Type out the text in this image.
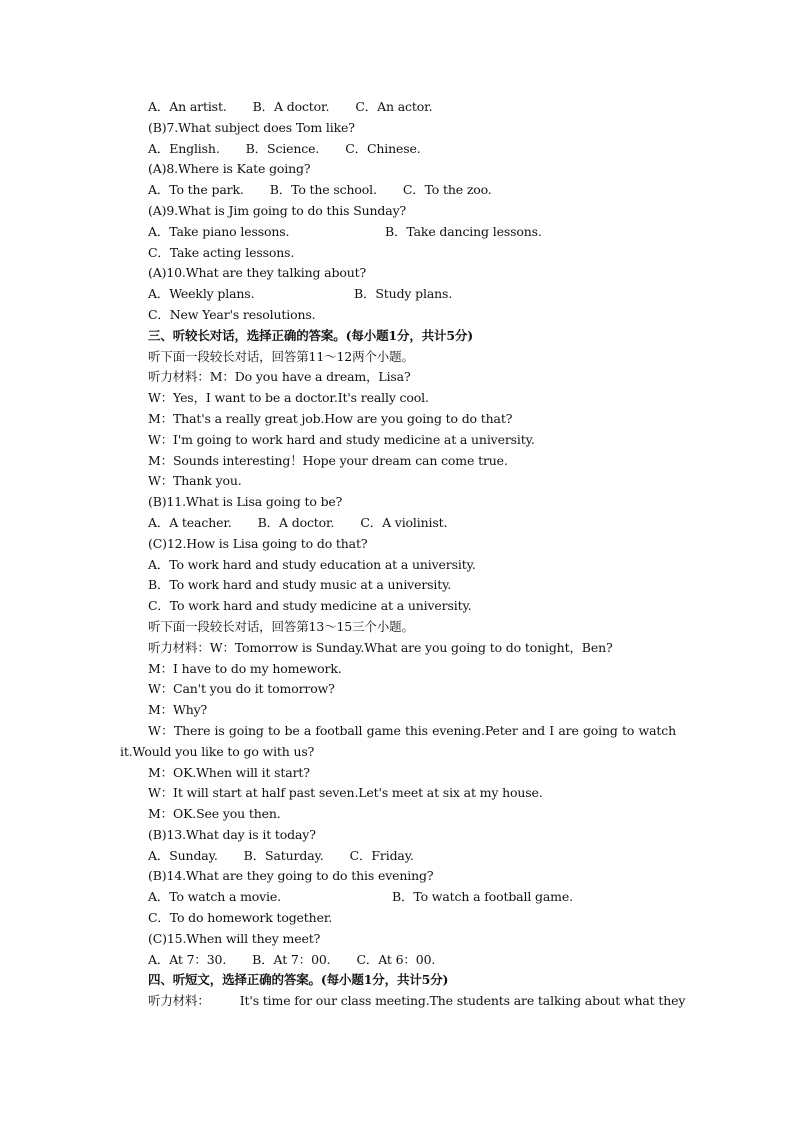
A．An artist. B．A doctor. C．An actor.
(B)7.What subject does Tom like?
A．English. B．Science. C．Chinese.
(A)8.Where is Kate going?
A．To the park. B．To the school. C．To the zoo.
(A)9.What is Jim going to do this Sunday?
A．Take piano lessons.	B．Take dancing lessons.
C．Take acting lessons.
(A)10.What are they talking about?
A．Weekly plans.	B．Study plans.
C．New Year's resolutions.
三、听较长对话，选择正确的答案。(每小题1分，共计5分)
听下面一段较长对话，回答第11～12两个小题。
听力材料：M：Do you have a dream，Lisa?
W：Yes，I want to be a doctor.It's really cool.
M：That's a really great job.How are you going to do that?
W：I'm going to work hard and study medicine at a university.
M：Sounds interesting！Hope your dream can come true.
W：Thank you.
(B)11.What is Lisa going to be?
A．A teacher. B．A doctor. C．A violinist.
(C)12.How is Lisa going to do that?
A．To work hard and study education at a university.
B．To work hard and study music at a university.
C．To work hard and study medicine at a university.
听下面一段较长对话，回答第13～15三个小题。
听力材料：W：Tomorrow is Sunday.What are you going to do tonight，Ben?
M：I have to do my homework.
W：Can't you do it tomorrow?
M：Why?
W：There is going to be a football game this evening.Peter and I are going to watch
it.Would you like to go with us?
M：OK.When will it start?
W：It will start at half past seven.Let's meet at six at my house.
M：OK.See you then.
(B)13.What day is it today?
A．Sunday. B．Saturday. C．Friday.
(B)14.What are they going to do this evening?
A．To watch a movie.	B．To watch a football game.
C．To do homework together.
(C)15.When will they meet?
A．At 7：30. B．At 7：00. C．At 6：00.
四、听短文，选择正确的答案。(每小题1分，共计5分)
听力材料： It's time for our class meeting.The students are talking about what they
